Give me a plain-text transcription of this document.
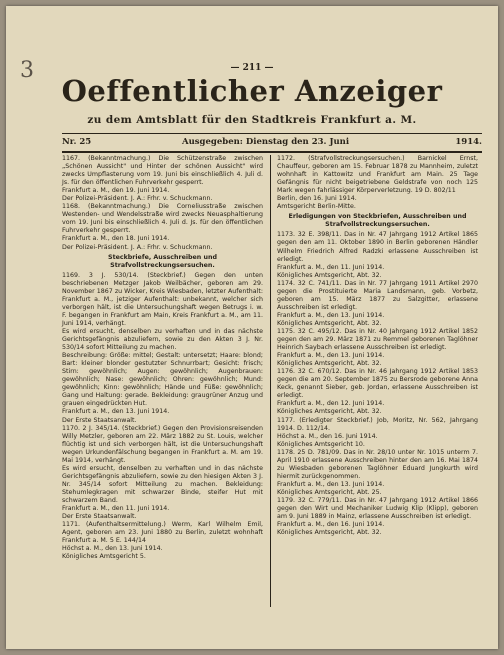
3	— 211 —
Oeffentlicher Anzeiger
zu dem Amtsblatt für den Stadtkreis Frankfurt a. M.
Nr. 25	Ausgegeben: Dienstag den 23. Juni	1914.

1167. (Bekanntmachung.) Die Schützenstraße zwischen „Schönen Aussicht" und Hinter der schönen Aussicht" wird zwecks Umpflasterung vom 19. Juni bis einschließlich 4. Juli d. Js. für den öffentlichen Fuhrverkehr gesperrt.

Frankfurt a. M., den 19. Juni 1914.

Der Polizei-Präsident. J. A.: Frhr. v. Schuckmann.

1168. (Bekanntmachung.) Die Corneliusstraße zwischen Westenden- und Wendelsstraße wird zwecks Neuasphaltierung vom 19. Juni bis einschließlich 4. Juli d. Js. für den öffentlichen Fuhrverkehr gesperrt.

Frankfurt a. M., den 18. Juni 1914.

Der Polizei-Präsident. J. A.: Frhr. v. Schuckmann.

Steckbriefe, Ausschreiben und Strafvollstreckungsersuchen.

1169. 3 J. 530/14. (Steckbrief.) Gegen den unten beschriebenen Metzger Jakob Weilbächer, geboren am 29. November 1867 zu Wicker, Kreis Wiesbaden, letzter Aufenthalt: Frankfurt a. M., jetziger Aufenthalt: unbekannt, welcher sich verborgen hält, ist die Untersuchungshaft wegen Betrugs i. w. F. begangen in Frankfurt am Main, Kreis Frankfurt a. M., am 11. Juni 1914, verhängt.

Es wird ersucht, denselben zu verhaften und in das nächste Gerichtsgefängnis abzuliefern, sowie zu den Akten 3 J. Nr. 530/14 sofort Mitteilung zu machen.

Beschreibung: Größe: mittel; Gestalt: untersetzt; Haare: blond; Bart: kleiner blonder gestutzter Schnurrbart; Gesicht: frisch; Stirn: gewöhnlich; Augen: gewöhnlich; Augenbrauen: gewöhnlich; Nase: gewöhnlich; Ohren: gewöhnlich; Mund: gewöhnlich; Kinn: gewöhnlich; Hände und Füße: gewöhnlich; Gang und Haltung: gerade. Bekleidung: graugrüner Anzug und grauen eingedrückten Hut.

Frankfurt a. M., den 13. Juni 1914.

Der Erste Staatsanwalt.

1170. 2 J. 345/14. (Steckbrief.) Gegen den Provisionsreisenden Willy Metzler, geboren am 22. März 1882 zu St. Louis, welcher flüchtig ist und sich verborgen hält, ist die Untersuchungshaft wegen Urkundenfälschung begangen in Frankfurt a. M. am 19. Mai 1914, verhängt.

Es wird ersucht, denselben zu verhaften und in das nächste Gerichtsgefängnis abzuliefern, sowie zu den hiesigen Akten 3 J. Nr. 345/14 sofort Mitteilung zu machen. Bekleidung: Stehumlegkragen mit schwarzer Binde, steifer Hut mit schwarzem Band.

Frankfurt a. M., den 11. Juni 1914.

Der Erste Staatsanwalt.

1171. (Aufenthaltsermittelung.) Werm, Karl Wilhelm Emil, Agent, geboren am 23. Juni 1880 zu Berlin, zuletzt wohnhaft Frankfurt a. M. 5 E. 144/14

Höchst a. M., den 13. Juni 1914.

Königliches Amtsgericht 5.

1172. (Strafvollstreckungsersuchen.) Barnickel Ernst, Chauffeur, geboren am 15. Februar 1878 zu Mannheim, zuletzt wohnhaft in Kattowitz und Frankfurt am Main. 25 Tage Gefängnis für nicht beigetriebene Geldstrafe von noch 125 Mark wegen fahrlässiger Körperverletzung. 19 D. 802/11

Berlin, den 16. Juni 1914.

Amtsgericht Berlin-Mitte.

Erledigungen von Steckbriefen, Ausschreiben und Strafvollstreckungsersuchen.

1173. 32 E. 398/11. Das in Nr. 47 Jahrgang 1912 Artikel 1865 gegen den am 11. Oktober 1890 in Berlin geborenen Händler Wilhelm Friedrich Alfred Radzki erlassene Ausschreiben ist erledigt.

Frankfurt a. M., den 11. Juni 1914.

Königliches Amtsgericht, Abt. 32.

1174. 32 C. 741/11. Das in Nr. 77 Jahrgang 1911 Artikel 2970 gegen die Prostituierte Maria Landsmann, geb. Vorbetz, geboren am 15. März 1877 zu Salzgitter, erlassene Ausschreiben ist erledigt.

Frankfurt a. M., den 13. Juni 1914.

Königliches Amtsgericht, Abt. 32.

1175. 32 C. 495/12. Das in Nr. 40 Jahrgang 1912 Artikel 1852 gegen den am 29. März 1871 zu Remmel geborenen Taglöhner Heinrich Saybach erlassene Ausschreiben ist erledigt.

Frankfurt a. M., den 13. Juni 1914.

Königliches Amtsgericht, Abt. 32.

1176. 32 C. 670/12. Das in Nr. 46 Jahrgang 1912 Artikel 1853 gegen die am 20. September 1875 zu Bersrode geborene Anna Keck, genannt Sieber, geb. Jordan, erlassene Ausschreiben ist erledigt.

Frankfurt a. M., den 12. Juni 1914.

Königliches Amtsgericht, Abt. 32.

1177. (Erledigter Steckbrief.) Job, Moritz, Nr. 562, Jahrgang 1914. D. 112/14.

Höchst a. M., den 16. Juni 1914.

Königliches Amtsgericht 10.

1178. 25 D. 781/09. Das in Nr. 28/10 unter Nr. 1015 unterm 7. April 1910 erlassene Ausschreiben hinter den am 16. Mai 1874 zu Wiesbaden geborenen Taglöhner Eduard Jungkurth wird hiermit zurückgenommen.

Frankfurt a. M., den 13. Juni 1914.

Königliches Amtsgericht, Abt. 25.

1179. 32 C. 779/11. Das in Nr. 47 Jahrgang 1912 Artikel 1866 gegen den Wirt und Mechaniker Ludwig Klip (Klipp), geboren am 9. Juni 1889 in Mainz, erlassene Ausschreiben ist erledigt.

Frankfurt a. M., den 16. Juni 1914.

Königliches Amtsgericht, Abt. 32.
